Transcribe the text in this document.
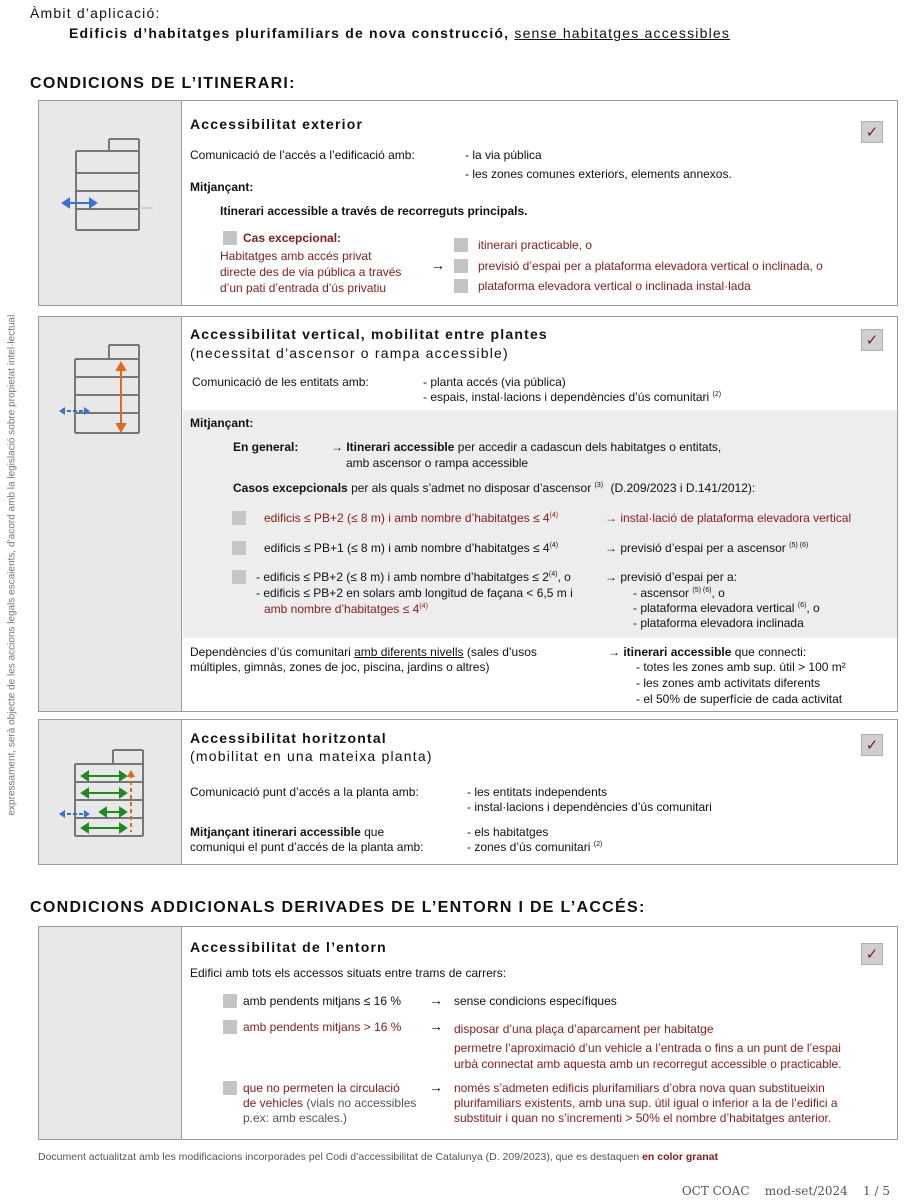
expressament, serà objecte de les accions legals escaients, d’acord amb la legislació sobre propietat intel·lectual
Àmbit d’aplicació:
Edificis d’habitatges plurifamiliars de nova construcció, sense habitatges accessibles
CONDICIONS DE L’ITINERARI:
✓
Accessibilitat exterior
Comunicació de l’accés a l’edificació amb:	- la via pública
- les zones comunes exteriors, elements annexos.
Mitjançant:
Itinerari accessible a través de recorreguts principals.
Cas excepcional:
Habitatges amb accés privat
directe des de via pública a través
d’un pati d’entrada d’ús privatiu
→
itinerari practicable, o
previsió d’espai per a plataforma elevadora vertical o inclinada, o
plataforma elevadora vertical o inclinada instal·lada
✓
Accessibilitat vertical, mobilitat entre plantes
(necessitat d’ascensor o rampa accessible)
Comunicació de les entitats amb:	- planta accés (via pública)
- espais, instal·lacions i dependències d’ús comunitari $^{(2)}$
Mitjançant:
En general:	→ Itinerari accessible per accedir a cadascun dels habitatges o entitats,
amb ascensor o rampa accessible
Casos excepcionals per als quals s’admet no disposar d’ascensor $^{(3)}$ (D.209/2023 i D.141/2012):
edificis ≤ PB+2 (≤ 8 m) i amb nombre d’habitatges ≤ $4^{(4)}$	→ instal·lació de plataforma elevadora vertical
edificis ≤ PB+1 (≤ 8 m) i amb nombre d’habitatges ≤ $4^{(4)}$	→ previsió d’espai per a ascensor $^{(5) (6)}$
- edificis ≤ PB+2 (≤ 8 m) i amb nombre d’habitatges ≤ $2^{(4)}$, o
- edificis ≤ PB+2 en solars amb longitud de façana < 6,5 m i
amb nombre d’habitatges ≤ $4^{(4)}$
→ previsió d’espai per a:
- ascensor $^{(5) (6)}$, o
- plataforma elevadora vertical $^{(6)}$, o
- plataforma elevadora inclinada
Dependències d’ús comunitari amb diferents nivells (sales d’usos
múltiples, gimnàs, zones de joc, piscina, jardins o altres)
→ itinerari accessible que connecti:
- totes les zones amb sup. útil > 100 m²
- les zones amb activitats diferents
- el 50% de superfície de cada activitat
✓
Accessibilitat horitzontal
(mobilitat en una mateixa planta)
Comunicació punt d’accés a la planta amb:	- les entitats independents
- instal·lacions i dependències d’ús comunitari
Mitjançant itinerari accessible que
comuniqui el punt d’accés de la planta amb:
- els habitatges
- zones d’ús comunitari $^{(2)}$
CONDICIONS ADDICIONALS DERIVADES DE L’ENTORN I DE L’ACCÉS:
✓
Accessibilitat de l’entorn
Edifici amb tots els accessos situats entre trams de carrers:
amb pendents mitjans ≤ 16 % → sense condicions específiques
amb pendents mitjans > 16 % → disposar d’una plaça d’aparcament per habitatge
permetre l’aproximació d’un vehicle a l’entrada o fins a un punt de l’espai
urbà connectat amb aquesta amb un recorregut accessible o practicable.
que no permeten la circulació
de vehicles (vials no accessibles
p.ex: amb escales.)
→ només s’admeten edificis plurifamiliars d’obra nova quan substitueixin
plurifamiliars existents, amb una sup. útil igual o inferior a la de l’edifici a
substituir i quan no s’incrementi > 50% el nombre d’habitatges anterior.
Document actualitzat amb les modificacions incorporades pel Codi d’accessibilitat de Catalunya (D. 209/2023), que es destaquen en color granat
OCT COAC    mod-set/2024    1 / 5
